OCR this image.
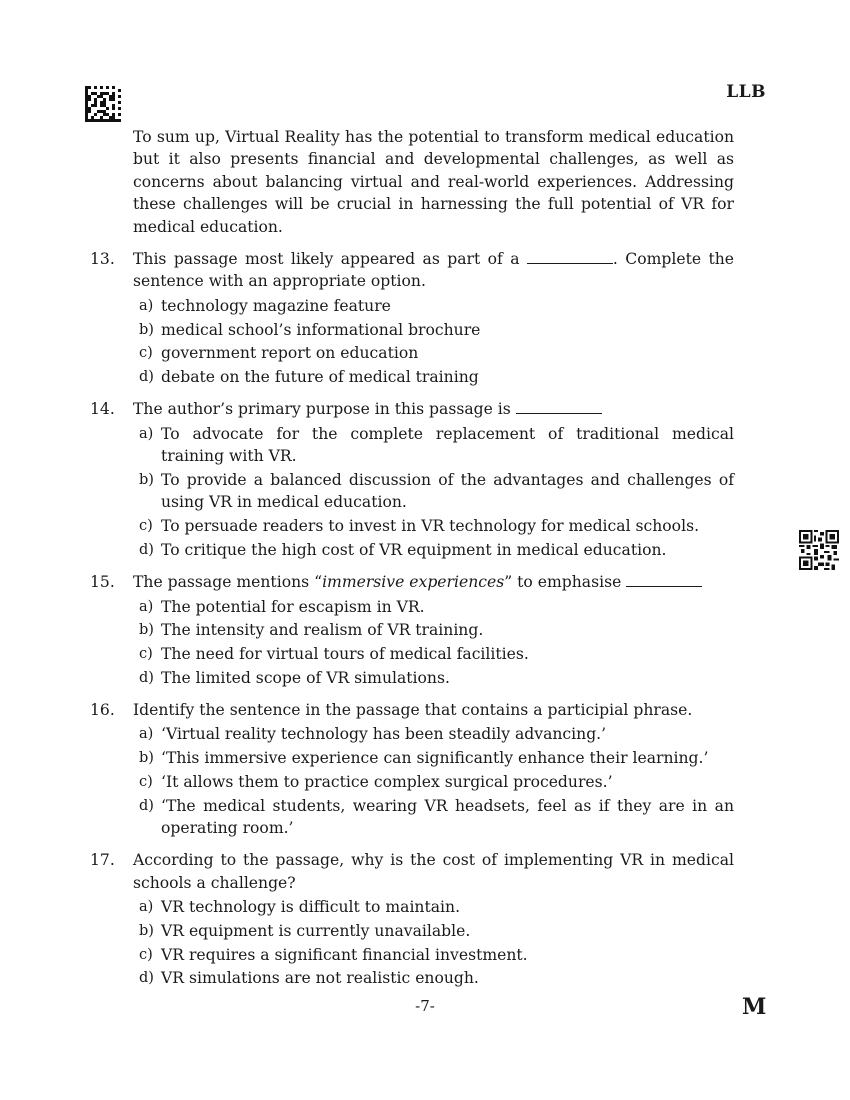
LLB

To sum up, Virtual Reality has the potential to transform medical education but it also presents financial and developmental challenges, as well as concerns about balancing virtual and real-world experiences. Addressing these challenges will be crucial in harnessing the full potential of VR for medical education.

13.	This passage most likely appeared as part of a	. Complete the sentence with an appropriate option.
a) technology magazine feature
b) medical school’s informational brochure
c) government report on education
d) debate on the future of medical training
14.	The author’s primary purpose in this passage is
a) To advocate for the complete replacement of traditional medical training with VR.
b) To provide a balanced discussion of the advantages and challenges of using VR in medical education.
c) To persuade readers to invest in VR technology for medical schools.
d) To critique the high cost of VR equipment in medical education.
15.	The passage mentions “immersive experiences” to emphasise
a) The potential for escapism in VR.
b) The intensity and realism of VR training.
c) The need for virtual tours of medical facilities.
d) The limited scope of VR simulations.
16.	Identify the sentence in the passage that contains a participial phrase.
a) ‘Virtual reality technology has been steadily advancing.’
b) ‘This immersive experience can significantly enhance their learning.’
c) ‘It allows them to practice complex surgical procedures.’
d) ‘The medical students, wearing VR headsets, feel as if they are in an operating room.’
17.	According to the passage, why is the cost of implementing VR in medical schools a challenge?
a) VR technology is difficult to maintain.
b) VR equipment is currently unavailable.
c) VR requires a significant financial investment.
d) VR simulations are not realistic enough.
-7-	M
